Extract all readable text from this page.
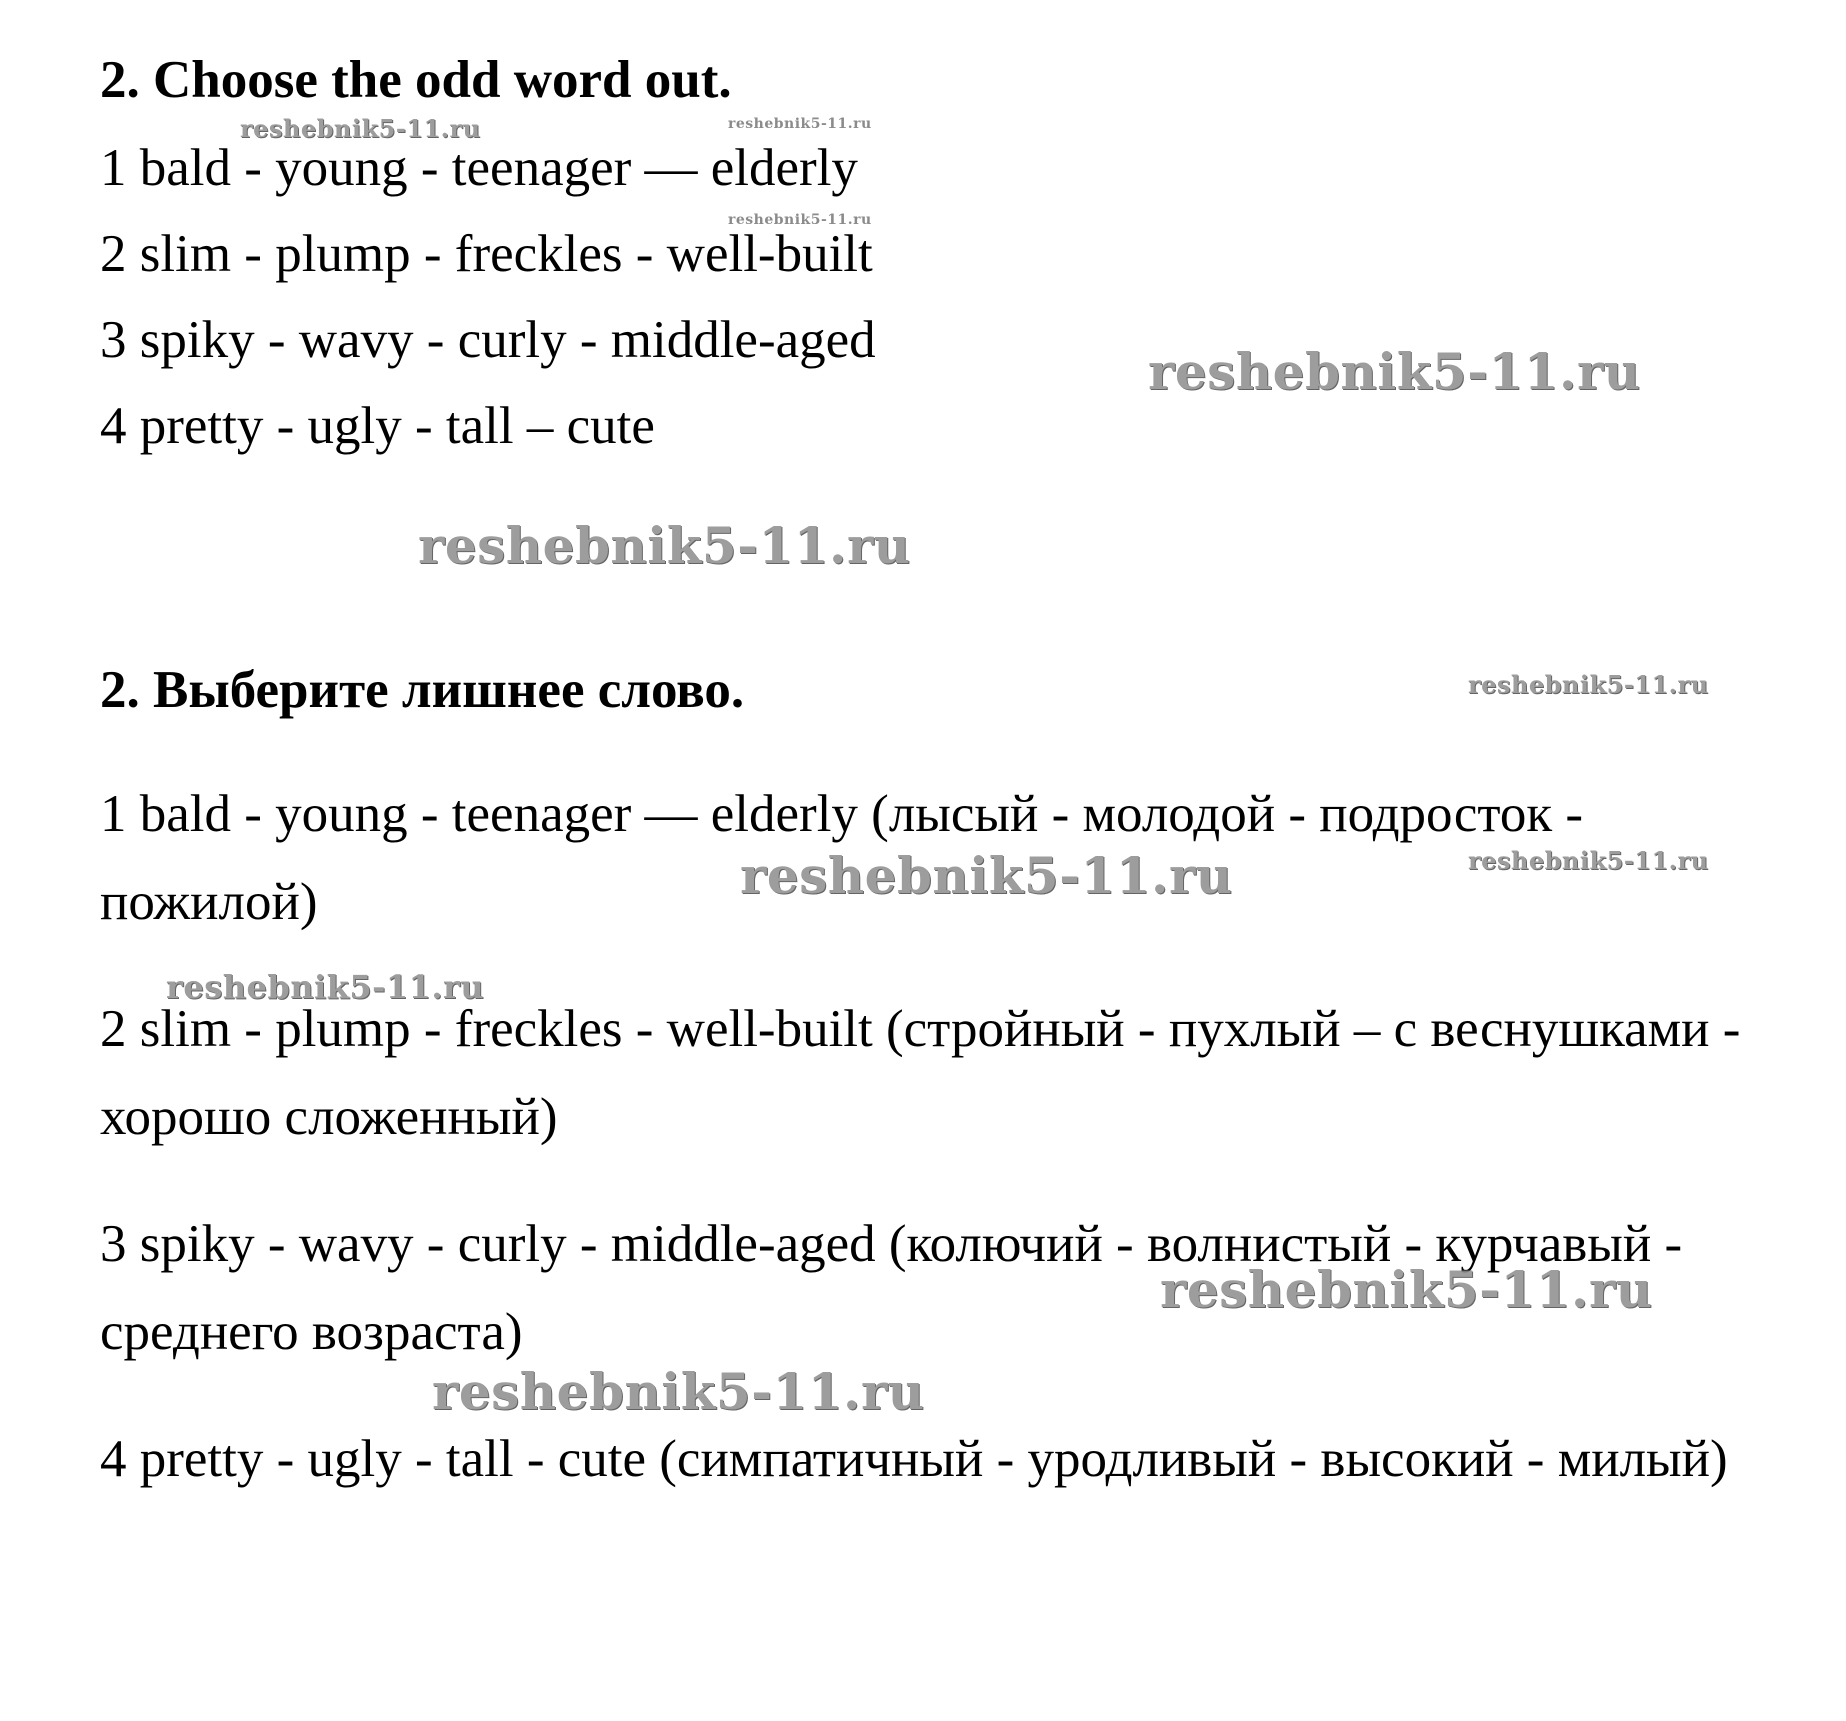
2. Choose the odd word out.

1 bald - young - teenager — elderly

2 slim - plump - freckles - well-built

3 spiky - wavy - curly - middle-aged

4 pretty - ugly - tall – cute

2. Выберите лишнее слово.

1 bald - young - teenager — elderly (лысый - молодой - подросток - пожилой)

2 slim - plump - freckles - well-built (стройный - пухлый – с веснушками - хорошо сложенный)

3 spiky - wavy - curly - middle-aged (колючий - волнистый - курчавый - среднего возраста)

4 pretty - ugly - tall - cute (симпатичный - уродливый - высокий - милый)

reshebnik5-11.ru	reshebnik5-11.ru
reshebnik5-11.ru
reshebnik5-11.ru
reshebnik5-11.ru
reshebnik5-11.ru
reshebnik5-11.ru
reshebnik5-11.ru
reshebnik5-11.ru
reshebnik5-11.ru
reshebnik5-11.ru
